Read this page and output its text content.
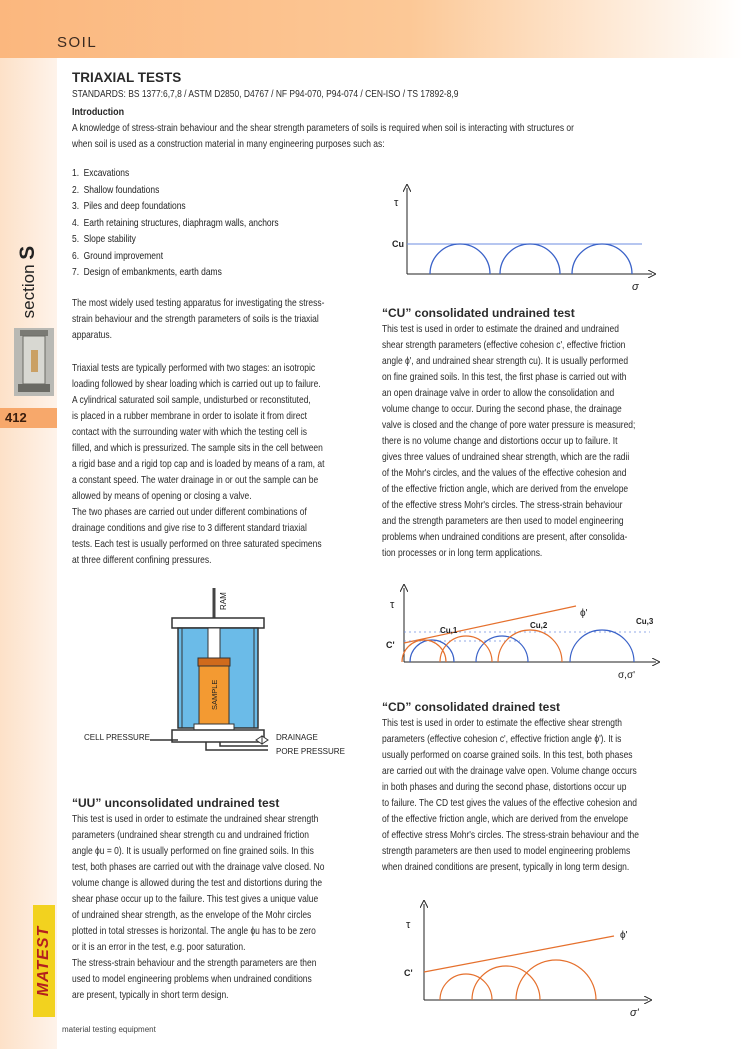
SOIL
section S
412
MATEST
material testing equipment
TRIAXIAL TESTS
STANDARDS: BS 1377:6,7,8 / ASTM D2850, D4767 / NF P94-070, P94-074 / CEN-ISO / TS 17892-8,9
Introduction
A knowledge of stress-strain behaviour and the shear strength parameters of soils is required when soil is interacting with structures or
when soil is used as a construction material in many engineering purposes such as:
1. Excavations
2. Shallow foundations
3. Piles and deep foundations
4. Earth retaining structures, diaphragm walls, anchors
5. Slope stability
6. Ground improvement
7. Design of embankments, earth dams
The most widely used testing apparatus for investigating the stress-
strain behaviour and the strength parameters of soils is the triaxial
apparatus.
Triaxial tests are typically performed with two stages: an isotropic
loading followed by shear loading which is carried out up to failure.
A cylindrical saturated soil sample, undisturbed or reconstituted,
is placed in a rubber membrane in order to isolate it from direct
contact with the surrounding water with which the testing cell is
filled, and which is pressurized. The sample sits in the cell between
a rigid base and a rigid top cap and is loaded by means of a ram, at
a constant speed. The water drainage in or out the sample can be
allowed by means of opening or closing a valve.
The two phases are carried out under different combinations of
drainage conditions and give rise to 3 different standard triaxial
tests. Each test is usually performed on three saturated specimens
at three different confining pressures.
RAM
SAMPLE
CELL PRESSURE	DRAINAGE
PORE PRESSURE
“UU” unconsolidated undrained test
This test is used in order to estimate the undrained shear strength
parameters (undrained shear strength cu and undrained friction
angle ϕu = 0). It is usually performed on fine grained soils. In this
test, both phases are carried out with the drainage valve closed. No
volume change is allowed during the test and distortions during the
shear phase occur up to the failure. This test gives a unique value
of undrained shear strength, as the envelope of the Mohr circles
plotted in total stresses is horizontal. The angle ϕu has to be zero
or it is an error in the test, e.g. poor saturation.
The stress-strain behaviour and the strength parameters are then
used to model engineering problems when undrained conditions
are present, typically in short term design.
τ
Cu
σ
“CU” consolidated undrained test
This test is used in order to estimate the drained and undrained
shear strength parameters (effective cohesion c', effective friction
angle ϕ', and undrained shear strength cu). It is usually performed
on fine grained soils. In this test, the first phase is carried out with
an open drainage valve in order to allow the consolidation and
volume change to occur. During the second phase, the drainage
valve is closed and the change of pore water pressure is measured;
there is no volume change and distortions occur up to failure. It
gives three values of undrained shear strength, which are the radii
of the Mohr's circles, and the values of the effective cohesion and
of the effective friction angle, which are derived from the envelope
of the effective stress Mohr's circles. The stress-strain behaviour
and the strength parameters are then used to model engineering
problems when undrained conditions are present, after consolida-
tion processes or in long term applications.
τ
C'
ϕ'
Cu,1
Cu,2	Cu,3
σ,σ'
“CD” consolidated drained test
This test is used in order to estimate the effective shear strength
parameters (effective cohesion c', effective friction angle ϕ'). It is
usually performed on coarse grained soils. In this test, both phases
are carried out with the drainage valve open. Volume change occurs
in both phases and during the second phase, distortions occur up
to failure. The CD test gives the values of the effective cohesion and
of the effective friction angle, which are derived from the envelope
of effective stress Mohr's circles. The stress-strain behaviour and the
strength parameters are then used to model engineering problems
when drained conditions are present, typically in long term design.
τ
C'
ϕ'
σ'
